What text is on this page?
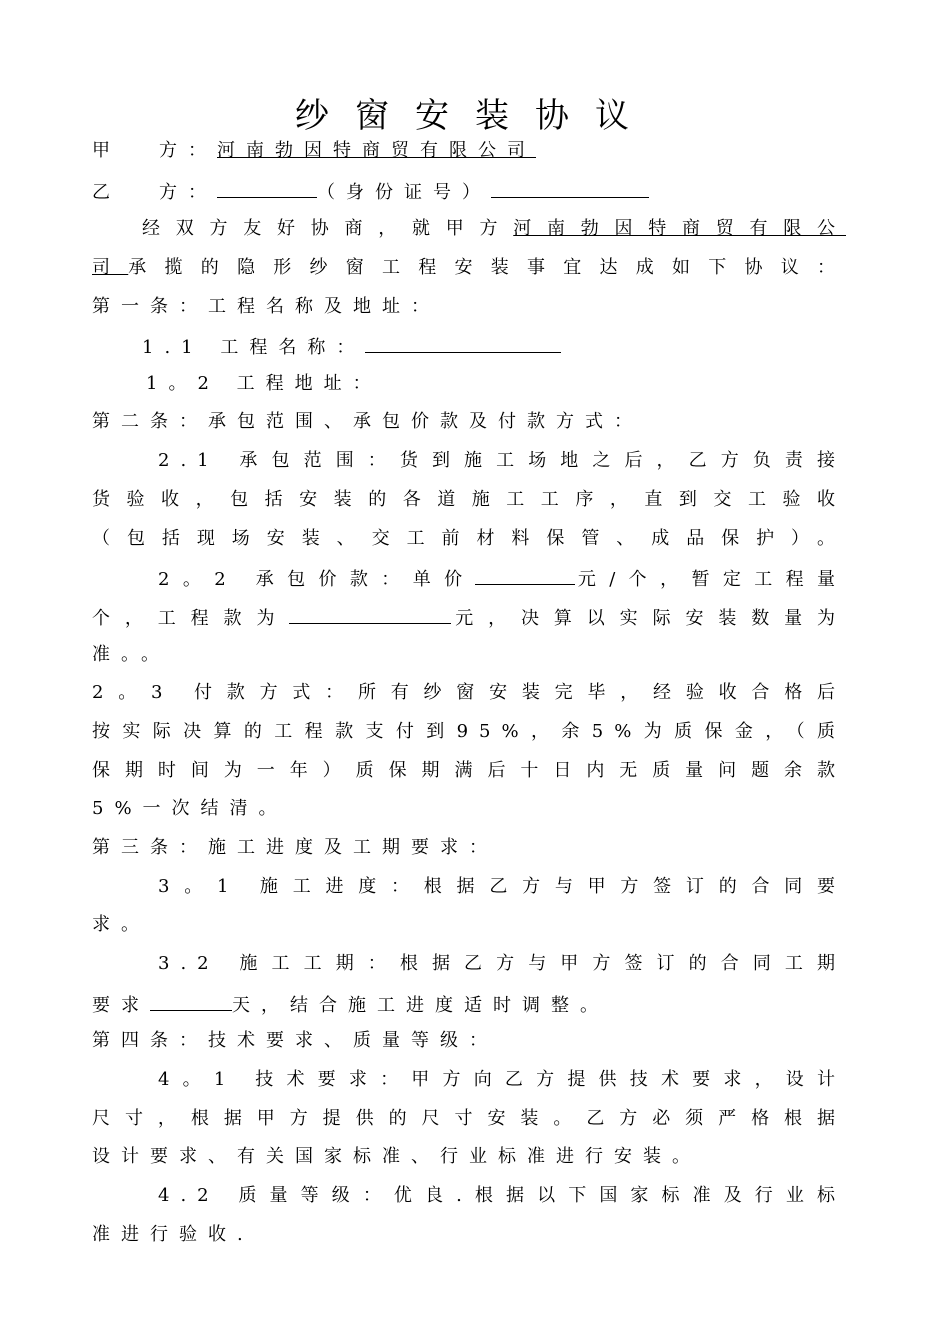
纱窗安装协议
甲 方：河南勃因特商贸有限公司
乙 方：	（身份证号）
经双方友好协商，就甲方河南勃因特商贸有限公
司承揽的隐形纱窗工程安装事宜达成如下协议：
第一条：工程名称及地址：
1.1 工程名称：
1。2 工程地址：
第二条：承包范围、承包价款及付款方式：
2.1 承包范围：货到施工场地之后，乙方负责接
货验收，包括安装的各道施工工序，直到交工验收
（包括现场安装、交工前材料保管、成品保护）。
2。2 承包价款：单价	元/个，暂定工程量
个，工程款为	元，决算以实际安装数量为
准。。
2。3 付款方式：所有纱窗安装完毕，经验收合格后
按实际决算的工程款支付到95%，余5%为质保金，（质
保期时间为一年）质保期满后十日内无质量问题余款
5%一次结清。
第三条：施工进度及工期要求：
3。1 施工进度：根据乙方与甲方签订的合同要
求。
3.2 施工工期：根据乙方与甲方签订的合同工期
要求	天，结合施工进度适时调整。
第四条：技术要求、质量等级：
4。1 技术要求：甲方向乙方提供技术要求，设计
尺寸，根据甲方提供的尺寸安装。乙方必须严格根据
设计要求、有关国家标准、行业标准进行安装。
4.2 质量等级：优良.根据以下国家标准及行业标
准进行验收.
